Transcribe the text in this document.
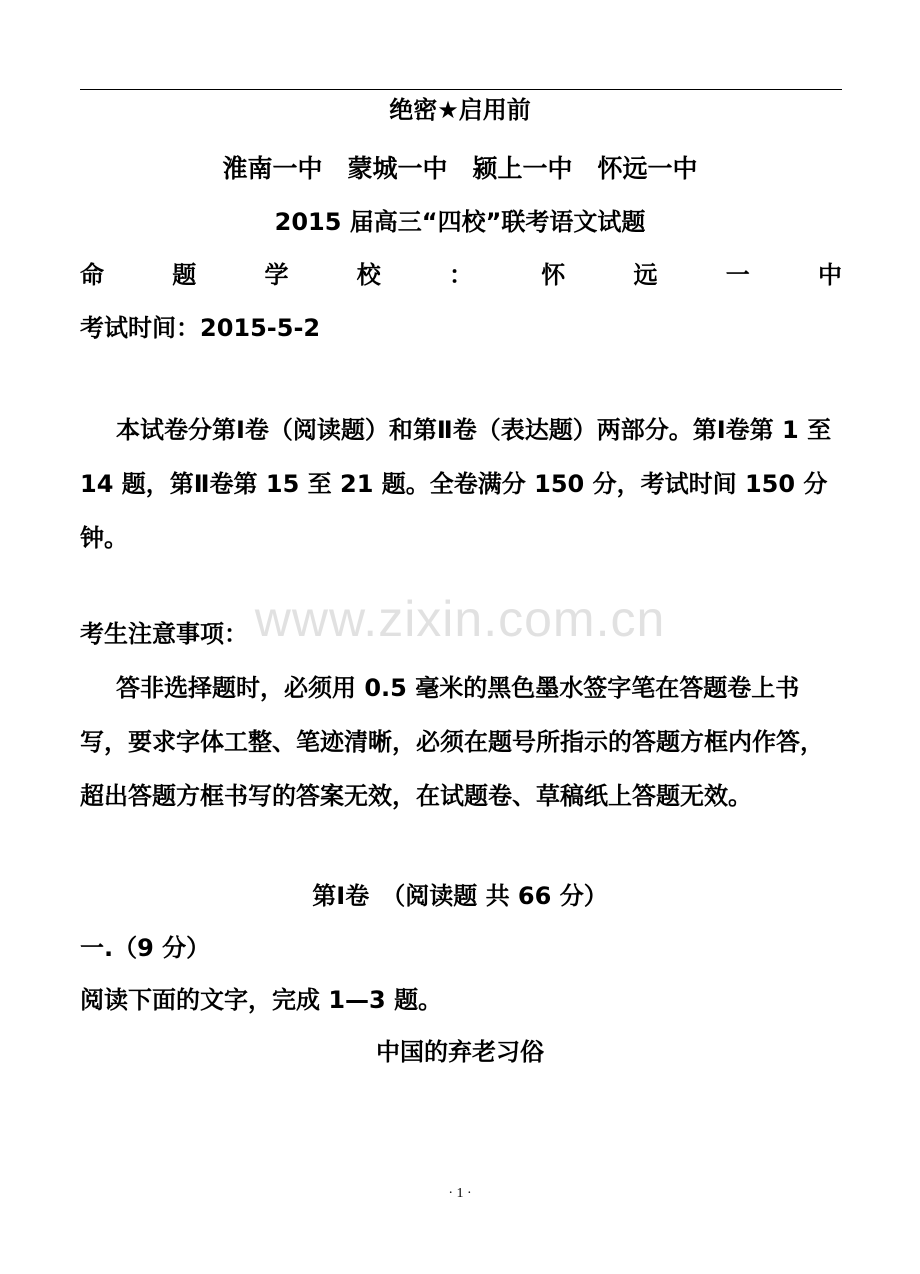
绝密★启用前
淮南一中　蒙城一中　颍上一中　怀远一中
2015 届高三“四校”联考语文试题
命	题	学	校	：	怀	远	一	中
考试时间：2015-5-2
本试卷分第Ⅰ卷（阅读题）和第Ⅱ卷（表达题）两部分。第Ⅰ卷第 1 至 14 题，第Ⅱ卷第 15 至 21 题。全卷满分 150 分，考试时间 150 分钟。
www.zixin.com.cn
考生注意事项：
答非选择题时，必须用 0.5 毫米的黑色墨水签字笔在答题卷上书写，要求字体工整、笔迹清晰，必须在题号所指示的答题方框内作答，超出答题方框书写的答案无效，在试题卷、草稿纸上答题无效。
第Ⅰ卷　（阅读题 共 66 分）
一.（9 分）
阅读下面的文字，完成 1—3 题。
中国的弃老习俗
· 1 ·
